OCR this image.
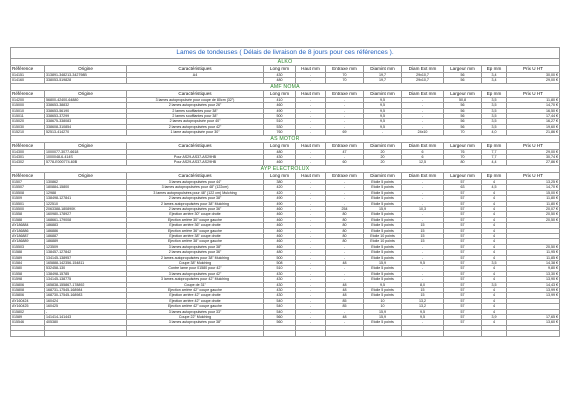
Lames de tondeuses ( Délais de livraison de 8 jours pour ces références ).										
ALKO										
Référence	Origine	Caractéristiques	Long mm	Haut mm	Entraxe mm	Diamint mm	Diam Ext mm	Largeur mm	Ep mm	Prix U HT
014151	313891-348213-342798B	A4	430	-	70	19,7	29x10,7	56	3,4	30,00 €
014160	338053-519828		480	-	70	19,7	29x10,7	56	3,4	29,00 €
AMF NOMA										
Référence	Origine	Caractéristiques	Long mm	Haut mm	Entraxe mm	Diamint mm	Diam Ext mm	Largeur mm	Ep mm	Prix U HT
014200	56800-42400-64880	3 lames autopropulsée pour coupe de 80cm (32")	410	-	-	9,5	-	50,8	3,5	11,80 €
015000	338653-38832	2 lames autopropulsées pour 26"	460	-	-	9,5	-	56	3,5	14,70 €
015010	338653-56190	2 lames soufflantes pour 38"	490	-	-	9,5	-	56	3,5	16,50 €
015011	338653-37299	2 lames soufflantes pour 38"	500	-	-	9,5	-	56	3,5	17,44 €
015020	338675-338083	2 lames autopropulsée pour 40"	510	-	-	9,5	-	56	3,5	16,27 €
015030	338608-310854	2 lames autopropulsées pour 42"	530	-	-	9,5	-	56	3,5	19,60 €
015210	52513-414270	1 lame autopropulsée pour 30"	760	-	69	-	24x10	70	4,0	21,86 €
AS MOTOR										
Référence	Origine	Caractéristiques	Long mm	Haut mm	Entraxe mm	Diamint mm	Diam Ext mm	Largeur mm	Ep mm	Prix U HT
014300	1000077-3077-6618		480	-	47	20	6	76	7,7	29,00 €
014301	1000048-6-414S	Pour AS29-AS37-AS29HB	430	-	-	20	6	70	7,7	30,74 €
014302	5778-E000774-60B	Pour AS29-AS37-AS29HB	460	-	60	20	12,5	80	4,4	27,86 €
AYP ELECTROLUX										
Référence	Origine	Caractéristiques	Long mm	Haut mm	Entraxe mm	Diamint mm	Diam Ext mm	Largeur mm	Ep mm	Prix U HT
01507	130862	3 lames autopropulsées pour 44"	380	-	-	Etoile 5 points	-	57	4	13,25 €
015507	180884-15800	3 lames autopropulsées pour 48" (122cm)	420	-	-	Etoile 5 points	-	63	4,5	14,70 €
015508	12988	3 lames autopropulsées pour 48" (122 cm) Mulching	420	-	-	Etoile 5 points	-	57	4	15,00 €
01509	138498-127841	2 lames autopropulsées pour 38"	490	-	-	Etoile 5 points	-	57	4	11,80 €
015501	122510	2 lames autopropulsées pour 38" Mulching	490	-	-	Etoile 5 points	-	57	4	11,80 €
015500	2063388-180890K	2 lames autopropulsées pour 36"	460	-	254	15,9	10,3	57	4	20,07 €
01558	160980-178927	Ejection arrière 30" coupe droite	460	-	80	Etoile 5 points	-	57	4	20,50 €
01588	168661-179008	Ejection arrière 30" coupe gauche	460	-	80	Etoile 5 points	-	57	4	20,50 €
AY186884	186883	Ejection arrière 36" coupe droite	460	-	80	Etoile 5 points	15	57	4	
AY186886	186886	Ejection arrière 36" coupe gauche	460	-	80	Etoile 5 points	15	57	4	
AY186887	186887	Ejection arrière 38" coupe droite	460	-	80	Etoile 10 points	15	57	4	
AY186889	186889	Ejection arrière 38" coupe gauche	460	-	80	Etoile 10 points	15	57	4	
015503	123509	3 lames autopropulsées pour 38"	460	-	-	Etoile 5 points	-	57	4	20,50 €
01588	138457-127842	2 lames autopropulsées pour 36"	480	-	-	Etoile 5 points	-	57	4	11,95 €
01589	134145-138957	2 lames autopropulsées pour 38" Mulching	500	-	-	Etoile 5 points	-	57	4	11,85 €
01584	165888-142356-154811	Coupe 38" Mulching	508	-	48	15,9	9,5	57	3,5	14,38 €
01580	532458-130	Contre lame pour 01580 pour 42"	510	-	-	Etoile 5 points	-	57	4	9,80 €
01558	138498-15785	3 lames autopropulsées pour 42"	430	-	-	Etoile 5 points	-	57	4	13,30 €
01598	134145-138775	3 lames autopropulsées pour 42" Mulching	430	-	-	Etoile 5 points	-	57	4	13,90 €
015806	165838-155867-178892	Coupe de 31"	430	-	48	9,5	8,0	57	3,5	14,43 €
015808	168731-17545-168984	Ejection arrière 42" coupe gauche	430	-	48	Etoile 5 points	15	57	4	13,99 €
015806	168730-17545-168983	Ejection arrière 42" coupe droite	430	-	48	Etoile 5 points	15	57	4	13,99 €
AY160424	160424	Ejection arrière 42" coupe droite	540	-	85	10	13,2	57	4	
AY160425	160425	Ejection arrière 42" coupe gauche	540	-	85	10	13,2	57	4	
015802	-	3 lames autopropulsées pour 33"	540	-	-	15,9	9,5	57	4	
01589	141414-141443	Coupe 22" Mulching	560	-	48	15,9	9,5	57	3,9	17,65 €
015546	405380	3 lames autopropulsées pour 38"	560	-	-	Etoile 5 points	-	57	4	13,60 €
